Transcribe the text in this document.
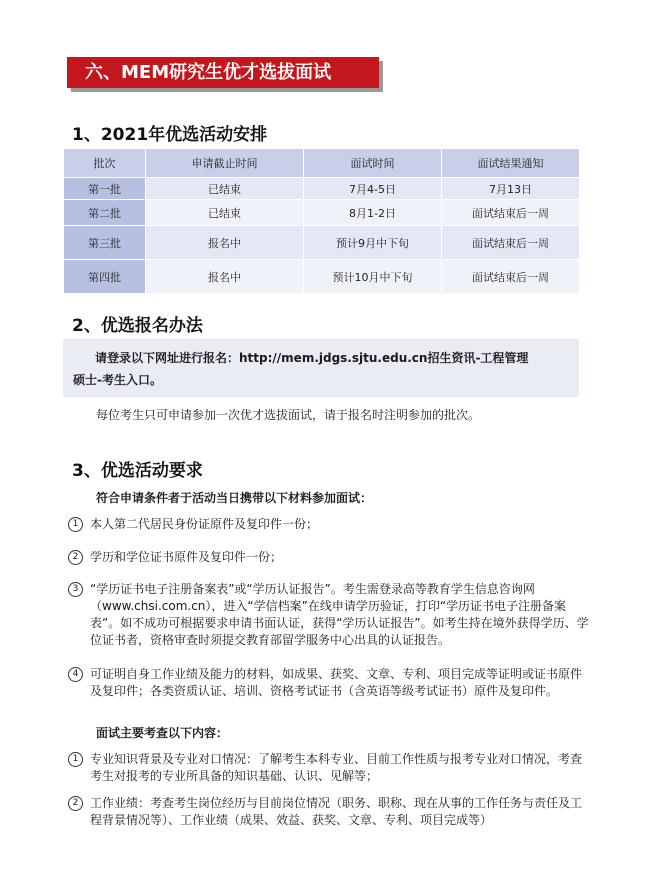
六、MEM研究生优才选拔面试
1、2021年优选活动安排
批次	申请截止时间	面试时间	面试结果通知
第一批	已结束	7月4-5日	7月13日
第二批	已结束	8月1-2日	面试结束后一周
第三批	报名中	预计9月中下旬	面试结束后一周
第四批	报名中	预计10月中下旬	面试结束后一周
2、优选报名办法
请登录以下网址进行报名：http://mem.jdgs.sjtu.edu.cn招生资讯-工程管理
硕士-考生入口。
每位考生只可申请参加一次优才选拔面试，请于报名时注明参加的批次。
3、优选活动要求
符合申请条件者于活动当日携带以下材料参加面试：
1 本人第二代居民身份证原件及复印件一份；
2 学历和学位证书原件及复印件一份；
3 “学历证书电子注册备案表”或“学历认证报告”。考生需登录高等教育学生信息咨询网（www.chsi.com.cn），进入“学信档案”在线申请学历验证，打印“学历证书电子注册备案表”。如不成功可根据要求申请书面认证，获得“学历认证报告”。如考生持在境外获得学历、学位证书者，资格审查时须提交教育部留学服务中心出具的认证报告。
4 可证明自身工作业绩及能力的材料，如成果、获奖、文章、专利、项目完成等证明或证书原件及复印件；各类资质认证、培训、资格考试证书（含英语等级考试证书）原件及复印件。
面试主要考查以下内容：
1 专业知识背景及专业对口情况：了解考生本科专业、目前工作性质与报考专业对口情况，考查考生对报考的专业所具备的知识基础、认识、见解等；
2 工作业绩：考查考生岗位经历与目前岗位情况（职务、职称、现在从事的工作任务与责任及工程背景情况等）、工作业绩（成果、效益、获奖、文章、专利、项目完成等）
